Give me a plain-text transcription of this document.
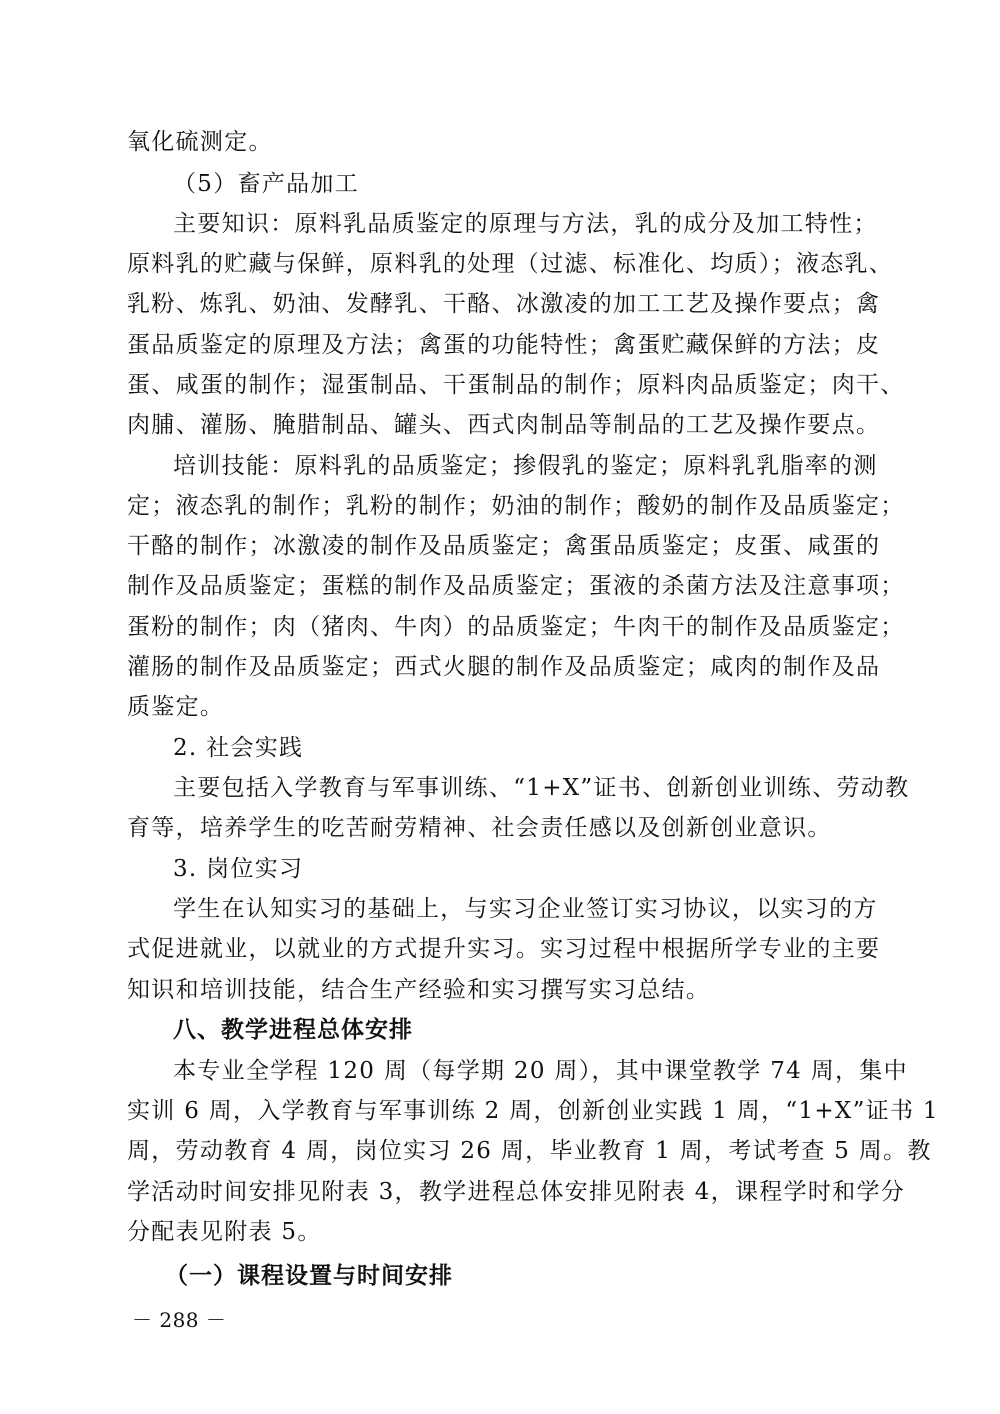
氧化硫测定。
（5）畜产品加工
主要知识：原料乳品质鉴定的原理与方法，乳的成分及加工特性；
原料乳的贮藏与保鲜，原料乳的处理（过滤、标准化、均质）；液态乳、
乳粉、炼乳、奶油、发酵乳、干酪、冰激凌的加工工艺及操作要点；禽
蛋品质鉴定的原理及方法；禽蛋的功能特性；禽蛋贮藏保鲜的方法；皮
蛋、咸蛋的制作；湿蛋制品、干蛋制品的制作；原料肉品质鉴定；肉干、
肉脯、灌肠、腌腊制品、罐头、西式肉制品等制品的工艺及操作要点。
培训技能：原料乳的品质鉴定；掺假乳的鉴定；原料乳乳脂率的测
定；液态乳的制作；乳粉的制作；奶油的制作；酸奶的制作及品质鉴定；
干酪的制作；冰激凌的制作及品质鉴定；禽蛋品质鉴定；皮蛋、咸蛋的
制作及品质鉴定；蛋糕的制作及品质鉴定；蛋液的杀菌方法及注意事项；
蛋粉的制作；肉（猪肉、牛肉）的品质鉴定；牛肉干的制作及品质鉴定；
灌肠的制作及品质鉴定；西式火腿的制作及品质鉴定；咸肉的制作及品
质鉴定。
2. 社会实践
主要包括入学教育与军事训练、“1+X”证书、创新创业训练、劳动教
育等，培养学生的吃苦耐劳精神、社会责任感以及创新创业意识。
3. 岗位实习
学生在认知实习的基础上，与实习企业签订实习协议，以实习的方
式促进就业，以就业的方式提升实习。实习过程中根据所学专业的主要
知识和培训技能，结合生产经验和实习撰写实习总结。
八、教学进程总体安排
本专业全学程 120 周（每学期 20 周），其中课堂教学 74 周，集中
实训 6 周，入学教育与军事训练 2 周，创新创业实践 1 周，“1+X”证书 1
周，劳动教育 4 周，岗位实习 26 周，毕业教育 1 周，考试考查 5 周。教
学活动时间安排见附表 3，教学进程总体安排见附表 4，课程学时和学分
分配表见附表 5。
（一）课程设置与时间安排
－ 288 －
